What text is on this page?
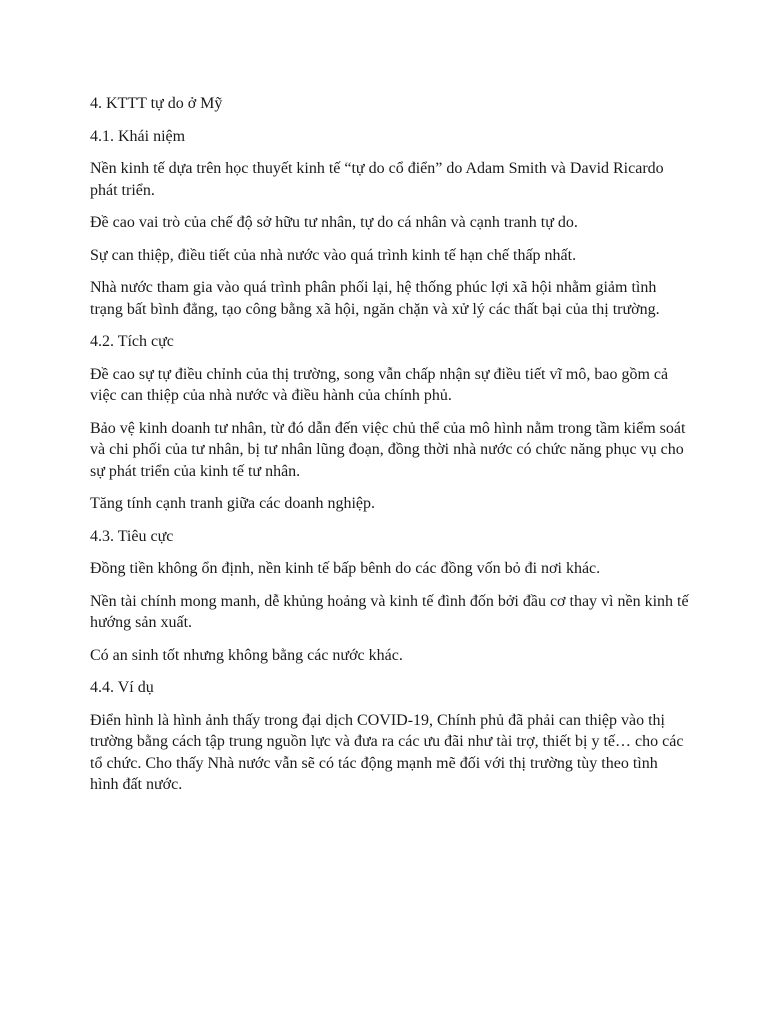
4. KTTT tự do ở Mỹ

4.1. Khái niệm

Nền kinh tế dựa trên học thuyết kinh tế “tự do cổ điển” do Adam Smith và David Ricardo phát triển.

Đề cao vai trò của chế độ sở hữu tư nhân, tự do cá nhân và cạnh tranh tự do.

Sự can thiệp, điều tiết của nhà nước vào quá trình kinh tế hạn chế thấp nhất.

Nhà nước tham gia vào quá trình phân phối lại, hệ thống phúc lợi xã hội nhằm giảm tình trạng bất bình đẳng, tạo công bằng xã hội, ngăn chặn và xử lý các thất bại của thị trường.

4.2. Tích cực

Đề cao sự tự điều chỉnh của thị trường, song vẫn chấp nhận sự điều tiết vĩ mô, bao gồm cả việc can thiệp của nhà nước và điều hành của chính phủ.

Bảo vệ kinh doanh tư nhân, từ đó dẫn đến việc chủ thể của mô hình nằm trong tầm kiểm soát và chi phối của tư nhân, bị tư nhân lũng đoạn, đồng thời nhà nước có chức năng phục vụ cho sự phát triển của kinh tế tư nhân.

Tăng tính cạnh tranh giữa các doanh nghiệp.

4.3. Tiêu cực

Đồng tiền không ổn định, nền kinh tế bấp bênh do các đồng vốn bỏ đi nơi khác.

Nền tài chính mong manh, dễ khủng hoảng và kinh tế đình đốn bởi đầu cơ thay vì nền kinh tế hướng sản xuất.

Có an sinh tốt nhưng không bằng các nước khác.

4.4. Ví dụ

Điển hình là hình ảnh thấy trong đại dịch COVID-19, Chính phủ đã phải can thiệp vào thị trường bằng cách tập trung nguồn lực và đưa ra các ưu đãi như tài trợ, thiết bị y tế… cho các tổ chức. Cho thấy Nhà nước vẫn sẽ có tác động mạnh mẽ đối với thị trường tùy theo tình hình đất nước.
